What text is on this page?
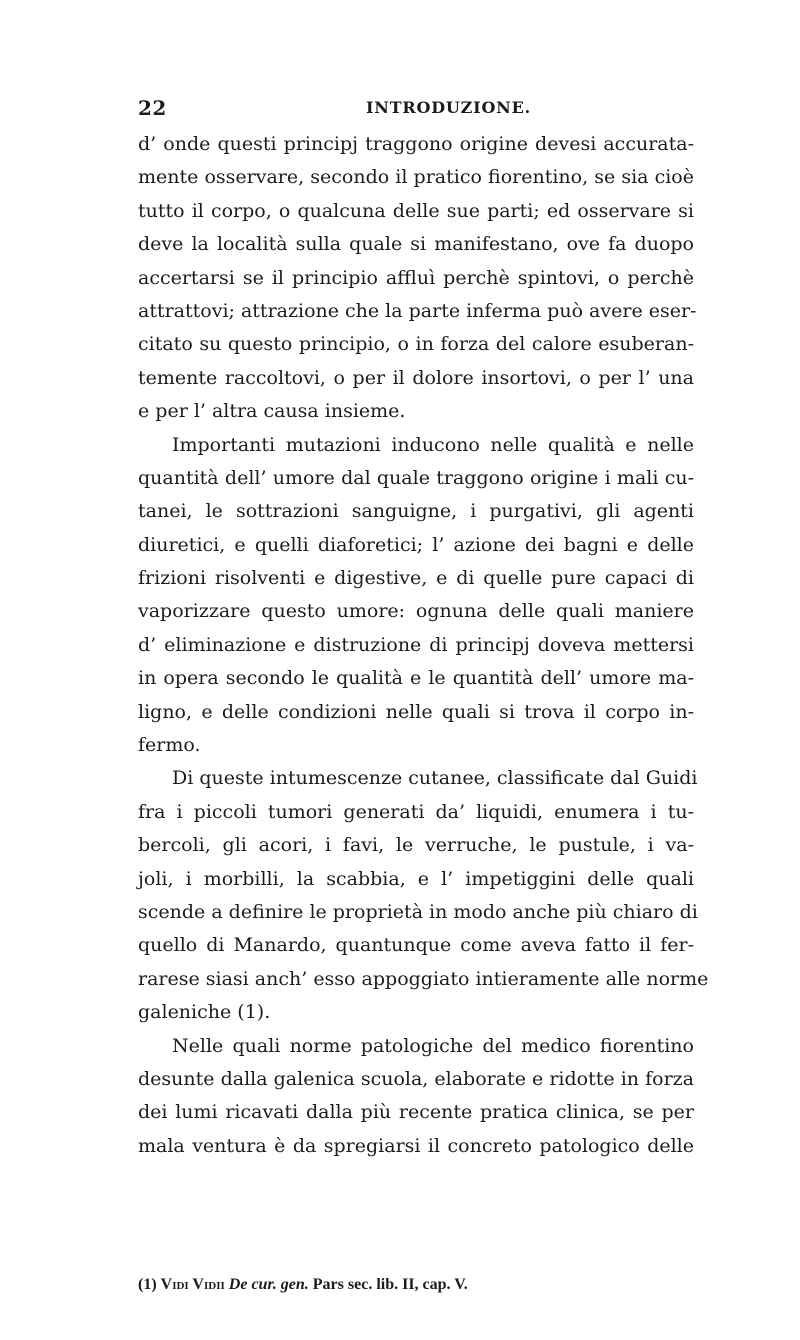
22	INTRODUZIONE.
d’ onde questi principj traggono origine devesi accurata-
mente osservare, secondo il pratico fiorentino, se sia cioè
tutto il corpo, o qualcuna delle sue parti; ed osservare si
deve la località sulla quale si manifestano, ove fa duopo
accertarsi se il principio affluì perchè spintovi, o perchè
attrattovi; attrazione che la parte inferma può avere eser-
citato su questo principio, o in forza del calore esuberan-
temente raccoltovi, o per il dolore insortovi, o per l’ una
e per l’ altra causa insieme.
Importanti mutazioni inducono nelle qualità e nelle
quantità dell’ umore dal quale traggono origine i mali cu-
tanei, le sottrazioni sanguigne, i purgativi, gli agenti
diuretici, e quelli diaforetici; l’ azione dei bagni e delle
frizioni risolventi e digestive, e di quelle pure capaci di
vaporizzare questo umore: ognuna delle quali maniere
d’ eliminazione e distruzione di principj doveva mettersi
in opera secondo le qualità e le quantità dell’ umore ma-
ligno, e delle condizioni nelle quali si trova il corpo in-
fermo.
Di queste intumescenze cutanee, classificate dal Guidi
fra i piccoli tumori generati da’ liquidi, enumera i tu-
bercoli, gli acori, i favi, le verruche, le pustule, i va-
joli, i morbilli, la scabbia, e l’ impetiggini delle quali
scende a definire le proprietà in modo anche più chiaro di
quello di Manardo, quantunque come aveva fatto il fer-
rarese siasi anch’ esso appoggiato intieramente alle norme
galeniche (1).
Nelle quali norme patologiche del medico fiorentino
desunte dalla galenica scuola, elaborate e ridotte in forza
dei lumi ricavati dalla più recente pratica clinica, se per
mala ventura è da spregiarsi il concreto patologico delle
(1) Vidi Vidii De cur. gen. Pars sec. lib. II, cap. V.
